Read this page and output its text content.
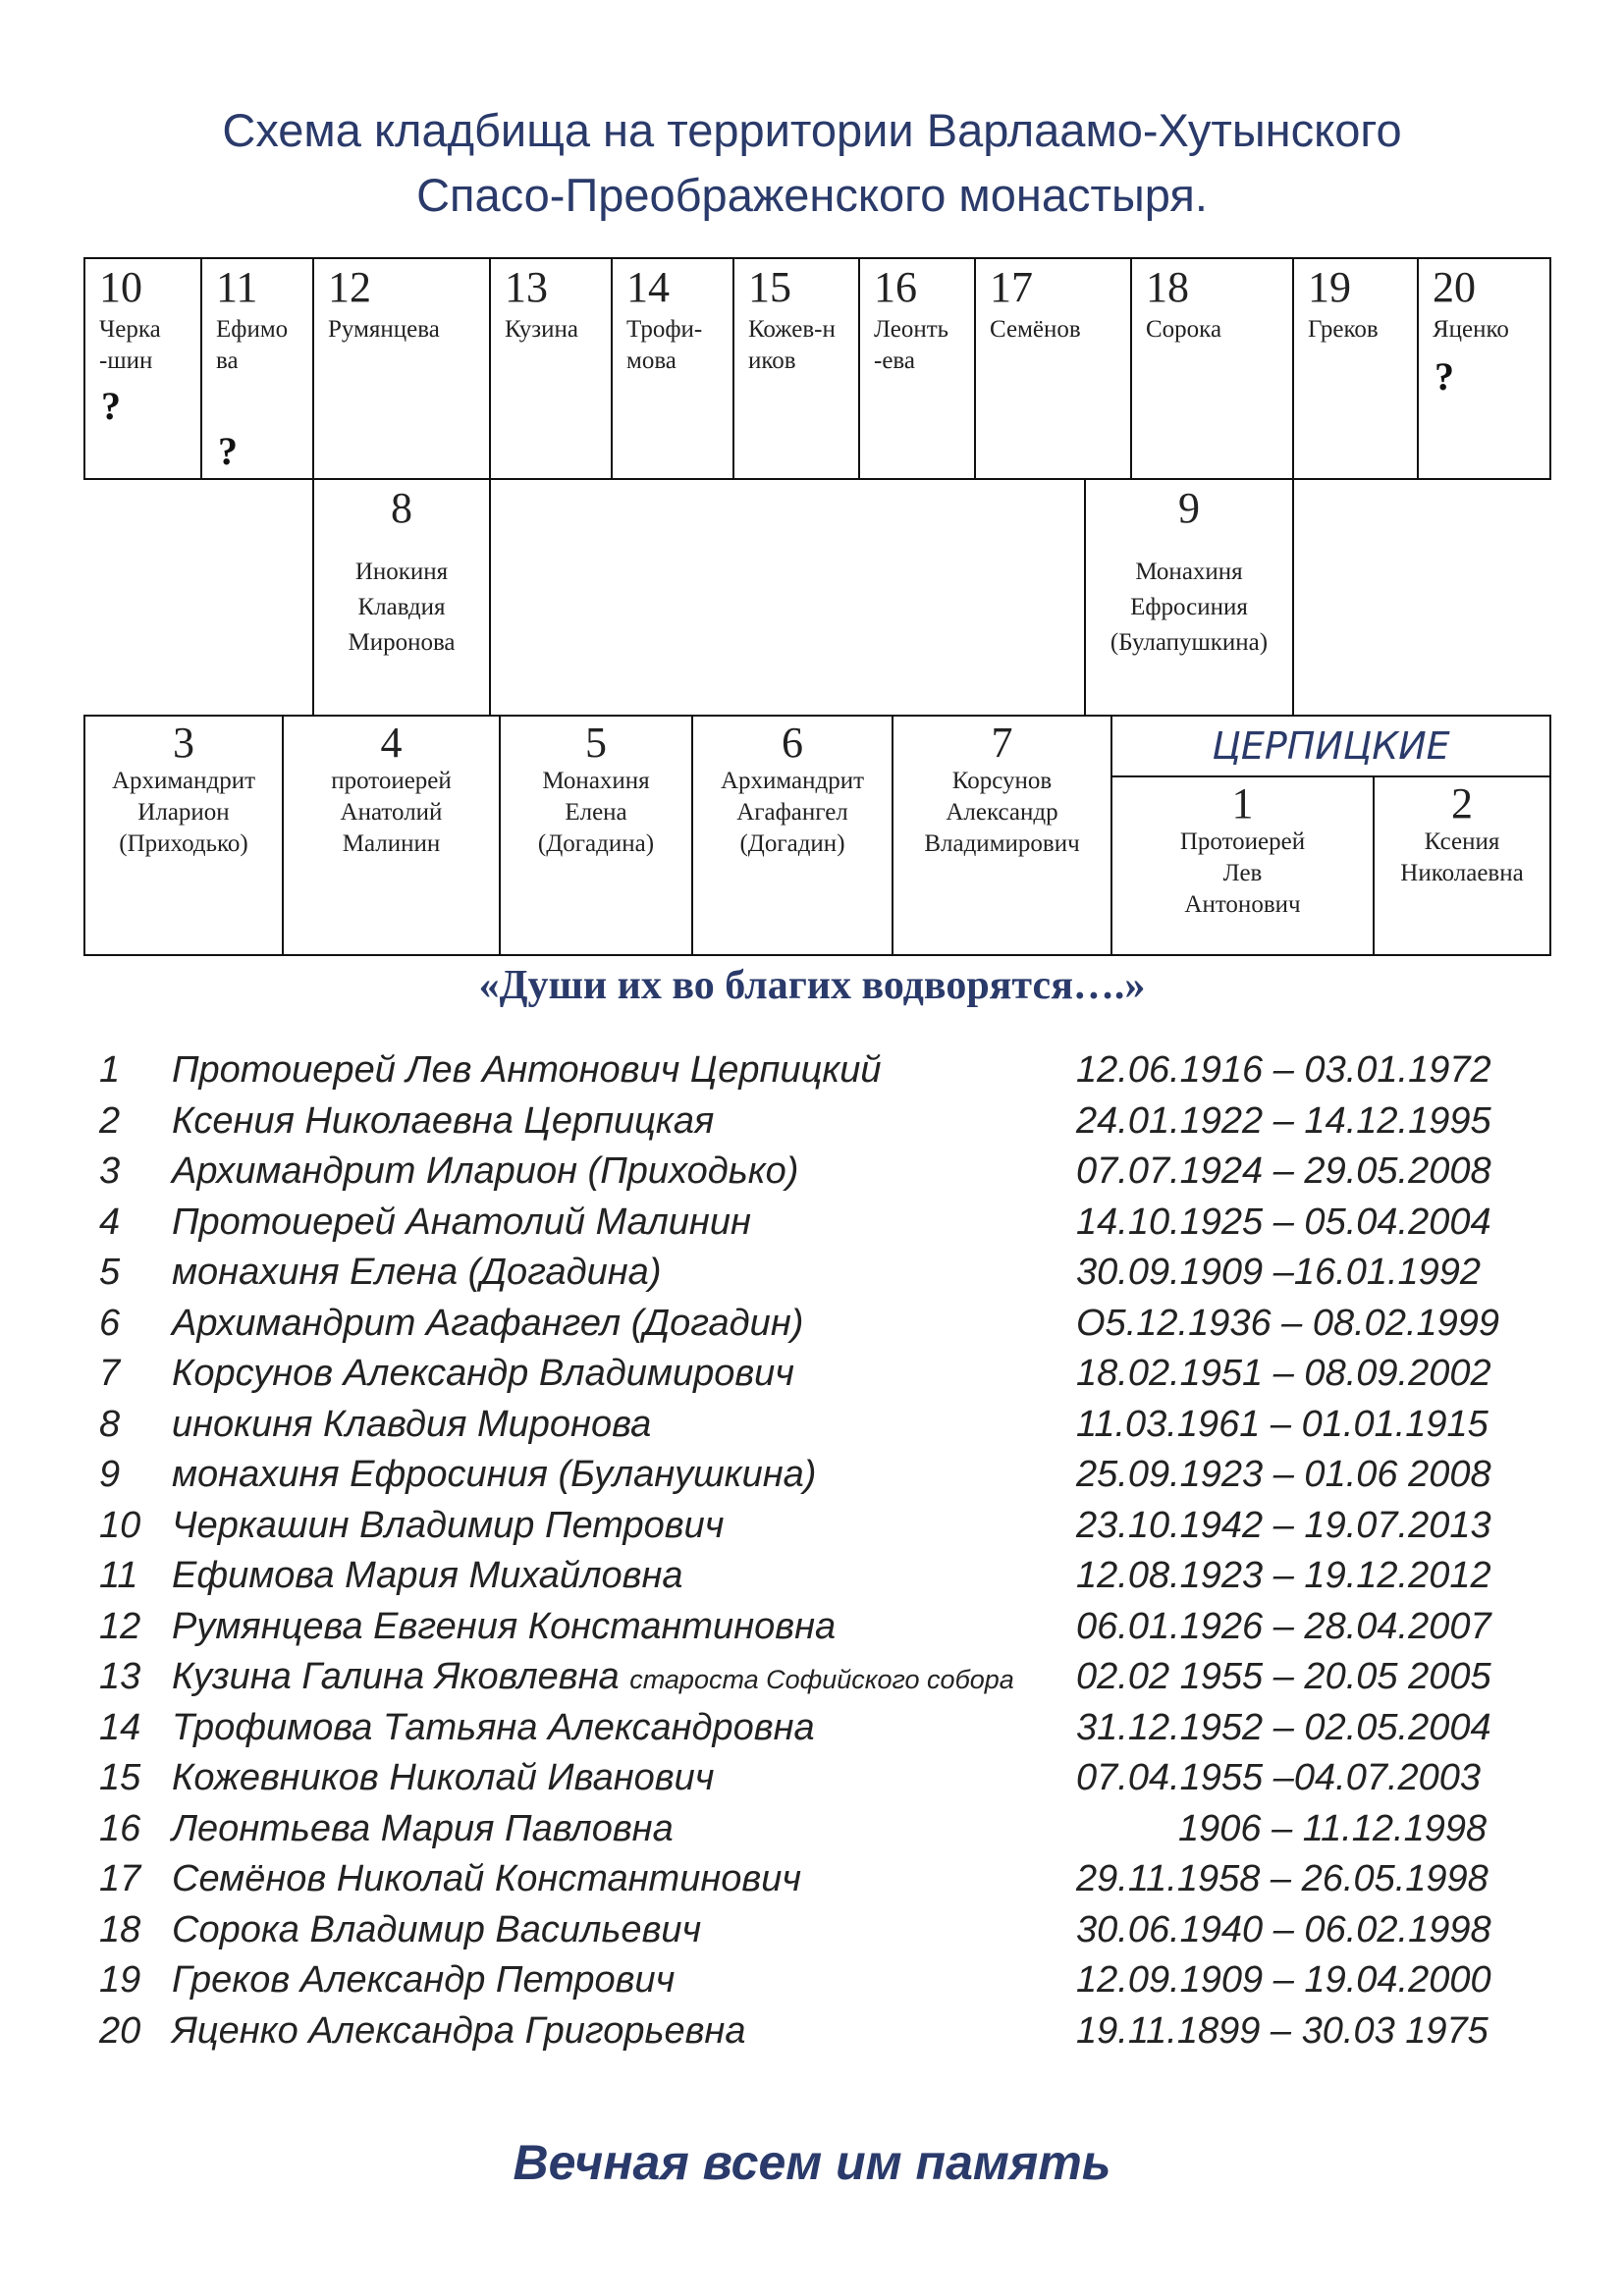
Схема кладбища на территории Варлаамо-Хутынского
Спасо-Преображенского монастыря.
10
Черка-шин
?
11
Ефимо ва
?
12
Румянцева
13
Кузина
14
Трофи-мова
15
Кожев-ников
16
Леонть -ева
17
Семёнов
18
Сорока
19
Греков
20
Яценко
?
8
Инокиня
Клавдия
Миронова
9
Монахиня
Ефросиния
(Булапушкина)
3
Архимандрит
Иларион
(Приходько)
4
протоиерей
Анатолий
Малинин
5
Монахиня
Елена
(Догадина)
6
Архимандрит
Агафангел
(Догадин)
7
Корсунов
Александр
Владимирович
ЦЕРПИЦКИЕ
1
Протоиерей
Лев
Антонович
2
Ксения
Николаевна
«Души их во благих водворятся….»
1 Протоиерей Лев Антонович Церпицкий	12.06.1916 – 03.01.1972
2 Ксения Николаевна Церпицкая	24.01.1922 – 14.12.1995
3 Архимандрит Иларион (Приходько)	07.07.1924 – 29.05.2008
4 Протоиерей Анатолий Малинин	14.10.1925 – 05.04.2004
5 монахиня Елена (Догадина)	30.09.1909 –16.01.1992
6 Архимандрит Агафангел (Догадин)	О5.12.1936 – 08.02.1999
7 Корсунов Александр Владимирович	18.02.1951 – 08.09.2002
8 инокиня Клавдия Миронова	11.03.1961 – 01.01.1915
9 монахиня Ефросиния (Буланушкина)	25.09.1923 – 01.06 2008
10 Черкашин Владимир Петрович	23.10.1942 – 19.07.2013
11 Ефимова Мария Михайловна	12.08.1923 – 19.12.2012
12 Румянцева Евгения Константиновна	06.01.1926 – 28.04.2007
13 Кузина Галина Яковлевна староста Софийского собора 02.02 1955 – 20.05 2005
14 Трофимова Татьяна Александровна	31.12.1952 – 02.05.2004
15 Кожевников Николай Иванович	07.04.1955 –04.07.2003
16 Леонтьева Мария Павловна	1906 – 11.12.1998
17 Семёнов Николай Константинович	29.11.1958 – 26.05.1998
18 Сорока Владимир Васильевич	30.06.1940 – 06.02.1998
19 Греков Александр Петрович	12.09.1909 – 19.04.2000
20 Яценко Александра Григорьевна	19.11.1899 – 30.03 1975
Вечная всем им память
